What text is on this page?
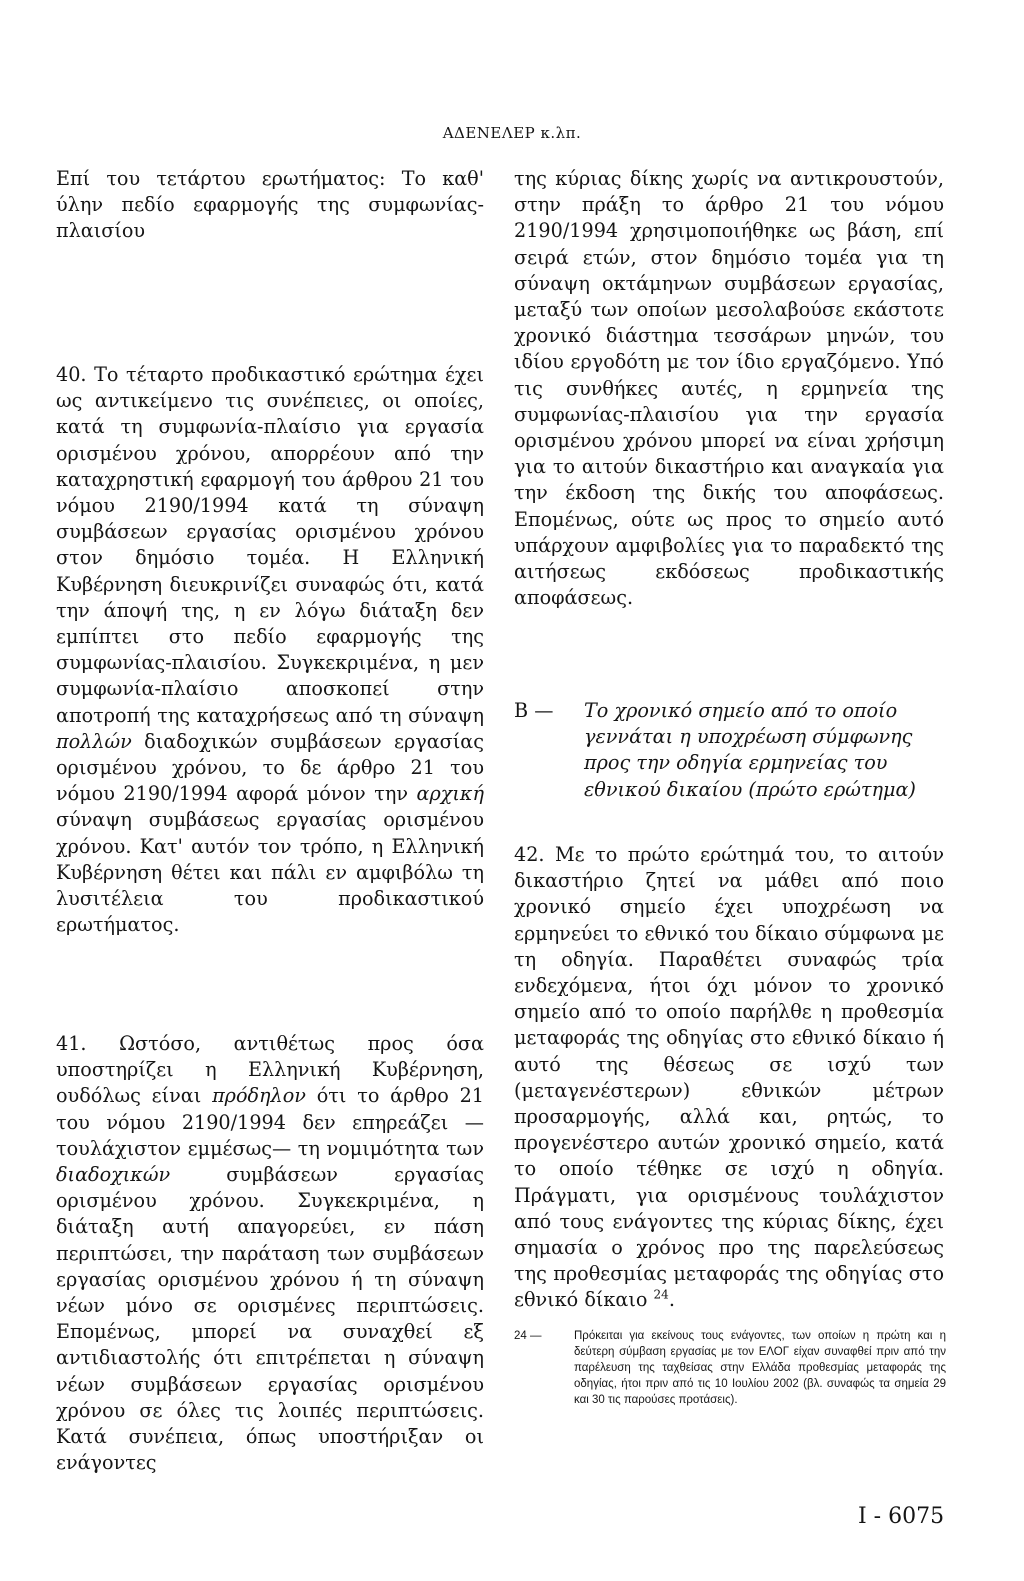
ΑΔΕΝΕΛΕΡ κ.λπ.

Επί του τετάρτου ερωτήματος: Το καθ' ύλην πεδίο εφαρμογής της συμφωνίας-πλαισίου

40. Το τέταρτο προδικαστικό ερώτημα έχει ως αντικείμενο τις συνέπειες, οι οποίες, κατά τη συμφωνία-πλαίσιο για εργασία ορισμένου χρόνου, απορρέουν από την καταχρηστική εφαρμογή του άρθρου 21 του νόμου 2190/1994 κατά τη σύναψη συμβάσεων εργασίας ορισμένου χρόνου στον δημόσιο τομέα. Η Ελληνική Κυβέρνηση διευκρινίζει συναφώς ότι, κατά την άποψή της, η εν λόγω διάταξη δεν εμπίπτει στο πεδίο εφαρμογής της συμφωνίας-πλαισίου. Συγκεκριμένα, η μεν συμφωνία-πλαίσιο αποσκοπεί στην αποτροπή της καταχρήσεως από τη σύναψη πολλών διαδοχικών συμβάσεων εργασίας ορισμένου χρόνου, το δε άρθρο 21 του νόμου 2190/1994 αφορά μόνον την αρχική σύναψη συμβάσεως εργασίας ορισμένου χρόνου. Κατ' αυτόν τον τρόπο, η Ελληνική Κυβέρνηση θέτει και πάλι εν αμφιβόλω τη λυσιτέλεια του προδικαστικού ερωτήματος.

41. Ωστόσο, αντιθέτως προς όσα υποστηρίζει η Ελληνική Κυβέρνηση, ουδόλως είναι πρόδηλον ότι το άρθρο 21 του νόμου 2190/1994 δεν επηρεάζει —τουλάχιστον εμμέσως— τη νομιμότητα των διαδοχικών	συμβάσεων εργασίας ορισμένου χρόνου. Συγκεκριμένα, η διάταξη αυτή απαγορεύει, εν πάση περιπτώσει, την παράταση των συμβάσεων εργασίας ορισμένου χρόνου ή τη σύναψη νέων μόνο σε ορισμένες περιπτώσεις. Επομένως, μπορεί να συναχθεί εξ αντιδιαστολής ότι επιτρέπεται η σύναψη νέων συμβάσεων εργασίας ορισμένου χρόνου σε όλες τις λοιπές περιπτώσεις. Κατά συνέπεια, όπως υποστήριξαν οι ενάγοντες

της κύριας δίκης χωρίς να αντικρουστούν, στην πράξη το άρθρο 21 του νόμου 2190/1994 χρησιμοποιήθηκε ως βάση, επί σειρά ετών, στον δημόσιο τομέα για τη σύναψη οκτάμηνων συμβάσεων εργασίας, μεταξύ των οποίων μεσολαβούσε εκάστοτε χρονικό διάστημα τεσσάρων μηνών, του ιδίου εργοδότη με τον ίδιο εργαζόμενο. Υπό τις συνθήκες αυτές, η ερμηνεία της συμφωνίας-πλαισίου για την εργασία ορισμένου χρόνου μπορεί να είναι χρήσιμη για το αιτούν δικαστήριο και αναγκαία για την έκδοση της δικής του αποφάσεως. Επομένως, ούτε ως προς το σημείο αυτό υπάρχουν αμφιβολίες για το παραδεκτό της αιτήσεως εκδόσεως προδικαστικής αποφάσεως.

Β —	Το χρονικό σημείο από το οποίο γεννάται η υποχρέωση σύμφωνης προς την οδηγία ερμηνείας του εθνικού δικαίου (πρώτο ερώτημα)

42. Με το πρώτο ερώτημά του, το αιτούν δικαστήριο ζητεί να μάθει από ποιο χρονικό σημείο έχει υποχρέωση να ερμηνεύει το εθνικό του δίκαιο σύμφωνα με τη οδηγία. Παραθέτει συναφώς τρία ενδεχόμενα, ήτοι όχι μόνον το χρονικό σημείο από το οποίο παρήλθε η προθεσμία μεταφοράς της οδηγίας στο εθνικό δίκαιο ή αυτό της θέσεως σε ισχύ των (μεταγενέστερων) εθνικών μέτρων προσαρμογής, αλλά και, ρητώς, το προγενέστερο αυτών χρονικό σημείο, κατά το οποίο τέθηκε σε ισχύ η οδηγία. Πράγματι, για ορισμένους τουλάχιστον από τους ενάγοντες της κύριας δίκης, έχει σημασία ο χρόνος προ της παρελεύσεως της προθεσμίας μεταφοράς της οδηγίας στο εθνικό δίκαιο $^{24}$.

24 —	Πρόκειται για εκείνους τους ενάγοντες, των οποίων η πρώτη και η δεύτερη σύμβαση εργασίας με τον ΕΛΟΓ είχαν συναφθεί πριν από την παρέλευση της ταχθείσας στην Ελλάδα προθεσμίας μεταφοράς της οδηγίας, ήτοι πριν από τις 10 Ιουλίου 2002 (βλ. συναφώς τα σημεία 29 και 30 τις παρούσες προτάσεις).
I - 6075
